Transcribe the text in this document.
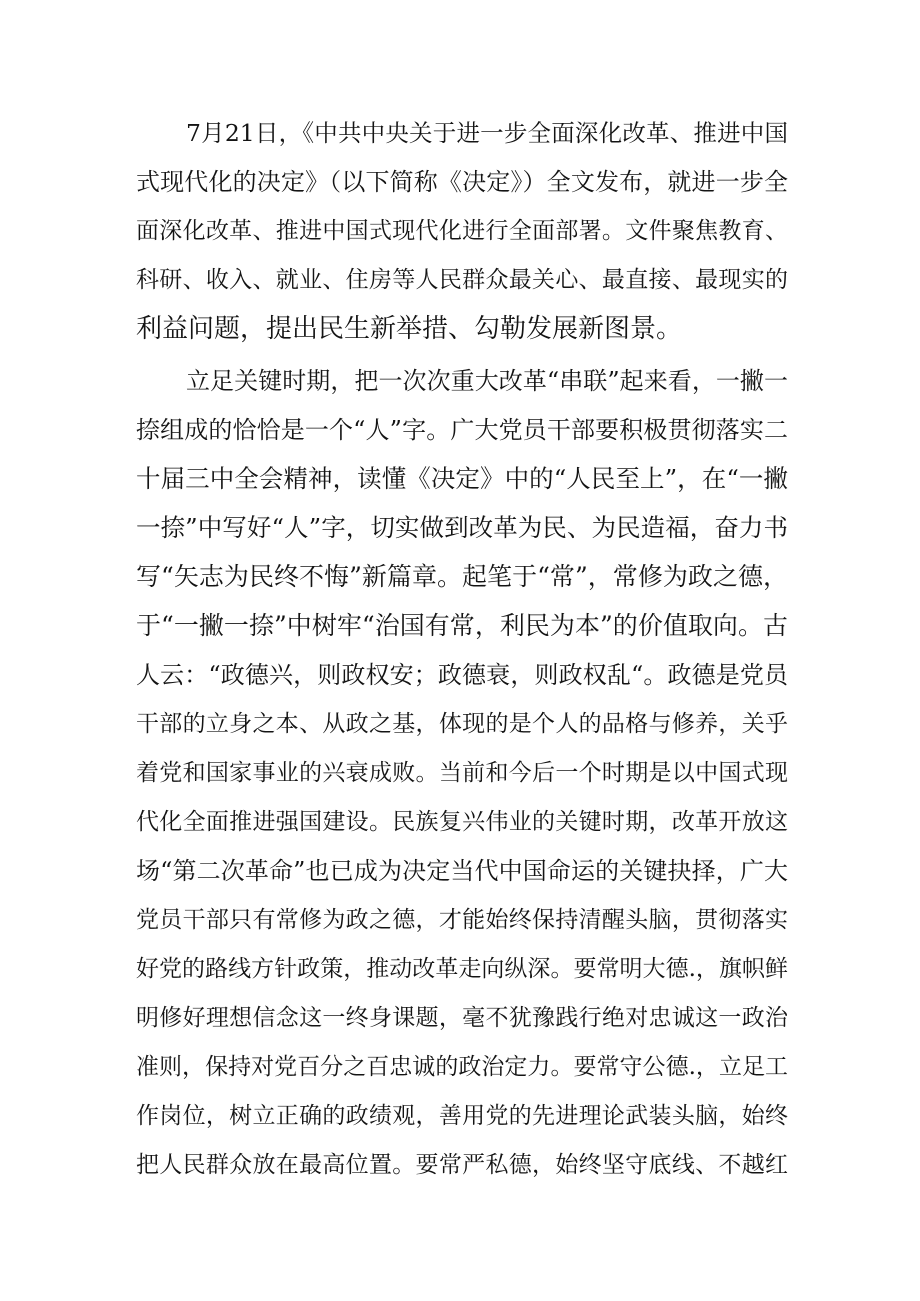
7月21日，《中共中央关于进一步全面深化改革、推进中国
式现代化的决定》（以下简称《决定》）全文发布，就进一步全
面深化改革、推进中国式现代化进行全面部署。文件聚焦教育、
科研、收入、就业、住房等人民群众最关心、最直接、最现实的
利益问题，提出民生新举措、勾勒发展新图景。
立足关键时期，把一次次重大改革“串联”起来看，一撇一
捺组成的恰恰是一个“人”字。广大党员干部要积极贯彻落实二
十届三中全会精神，读懂《决定》中的“人民至上”，在“一撇
一捺”中写好“人”字，切实做到改革为民、为民造福，奋力书
写“矢志为民终不悔”新篇章。起笔于“常”，常修为政之德，
于“一撇一捺”中树牢“治国有常，利民为本”的价值取向。古
人云：“政德兴，则政权安；政德衰，则政权乱“。政德是党员
干部的立身之本、从政之基，体现的是个人的品格与修养，关乎
着党和国家事业的兴衰成败。当前和今后一个时期是以中国式现
代化全面推进强国建设。民族复兴伟业的关键时期，改革开放这
场“第二次革命”也已成为决定当代中国命运的关键抉择，广大
党员干部只有常修为政之德，才能始终保持清醒头脑，贯彻落实
好党的路线方针政策，推动改革走向纵深。要常明大德.，旗帜鲜
明修好理想信念这一终身课题，毫不犹豫践行绝对忠诚这一政治
准则，保持对党百分之百忠诚的政治定力。要常守公德.，立足工
作岗位，树立正确的政绩观，善用党的先进理论武装头脑，始终
把人民群众放在最高位置。要常严私德，始终坚守底线、不越红
